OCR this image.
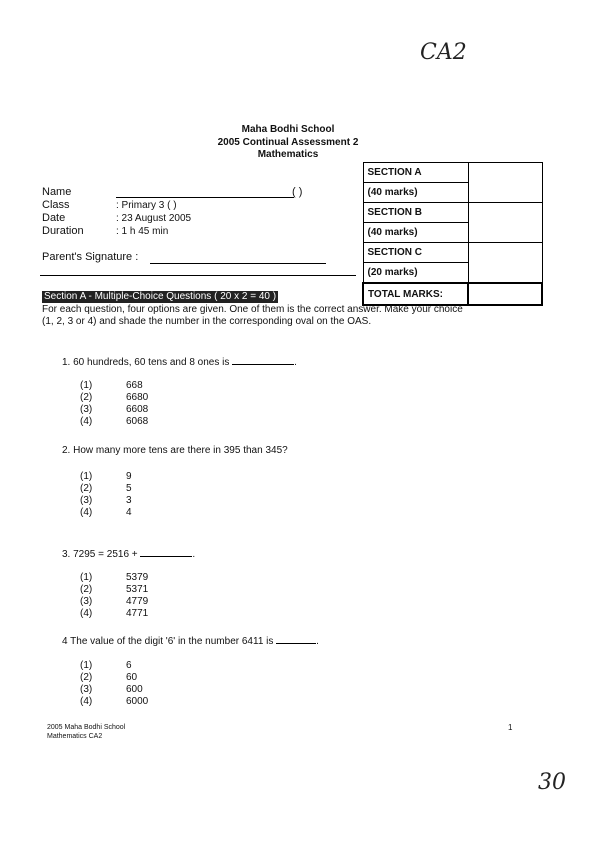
CA2
30
Maha Bodhi School
2005 Continual Assessment 2
Mathematics
Name	( )
Class	: Primary 3 ( )
Date	: 23 August 2005
Duration	: 1 h 45 min
Parent's Signature :
SECTION A	
(40 marks)	
SECTION B	
(40 marks)	
SECTION C	
(20 marks)	
TOTAL MARKS:	
Section A - Multiple-Choice Questions ( 20 x 2 = 40 )
For each question, four options are given. One of them is the correct answer. Make your choice (1, 2, 3 or 4) and shade the number in the corresponding oval on the OAS.
1. 60 hundreds, 60 tens and 8 ones is	.
(1)	668
(2)	6680
(3)	6608
(4)	6068
2. How many more tens are there in 395 than 345?
(1)	9
(2)	5
(3)	3
(4)	4
3. 7295 = 2516 +	.
(1)	5379
(2)	5371
(3)	4779
(4)	4771
4 The value of the digit '6' in the number 6411 is	.
(1)	6
(2)	60
(3)	600
(4)	6000
2005 Maha Bodhi School
Mathematics CA2
1
